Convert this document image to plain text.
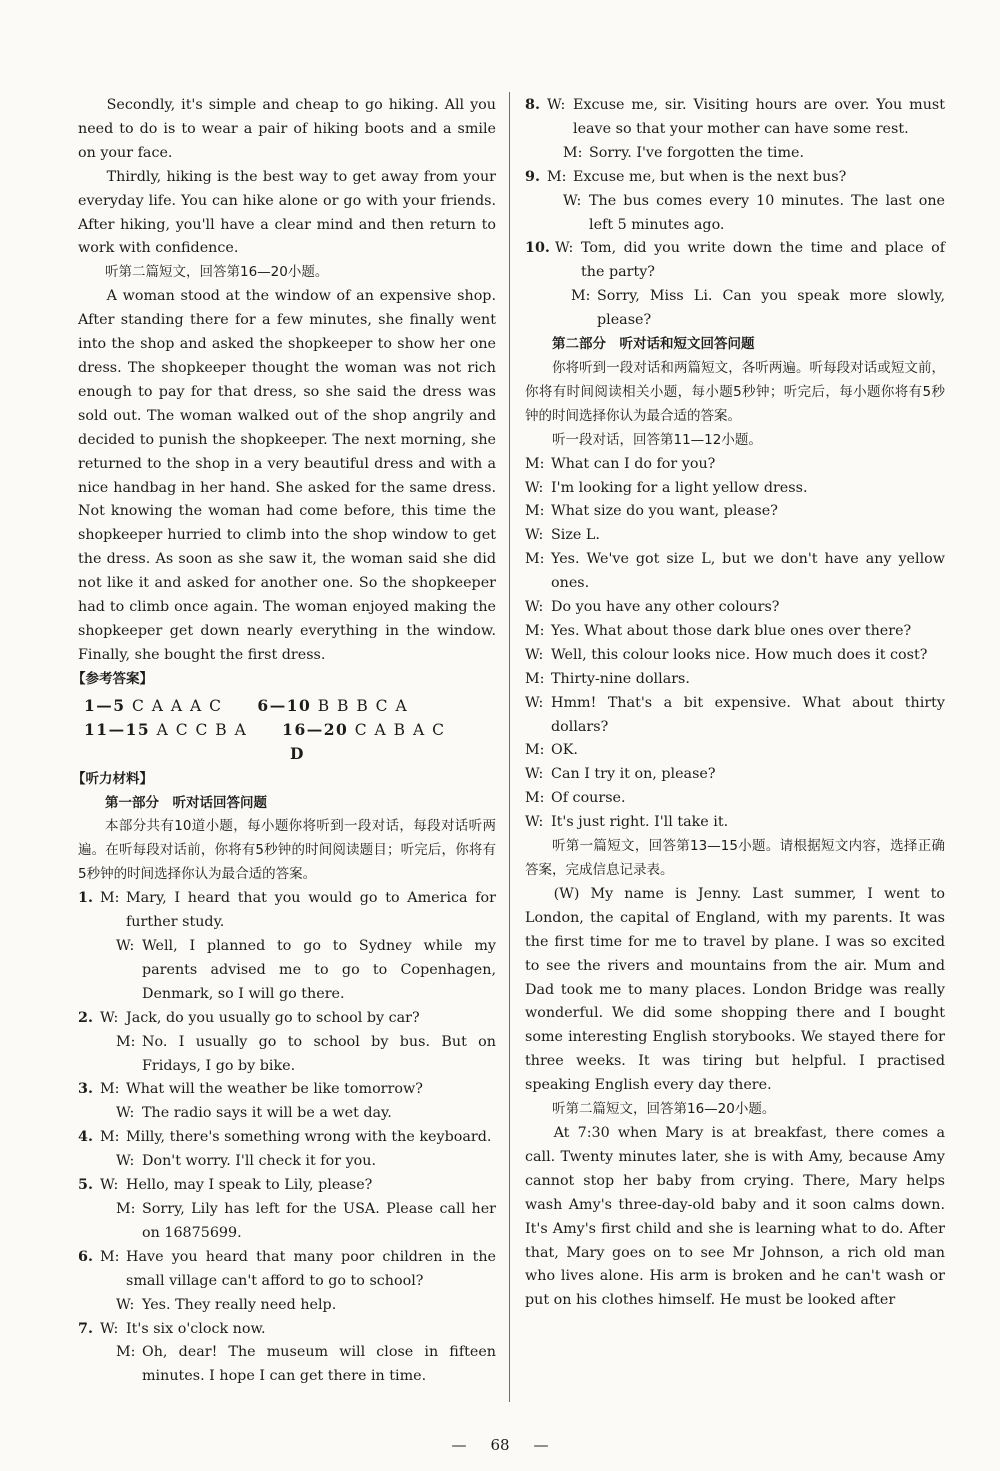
Secondly, it's simple and cheap to go hiking. All you need to do is to wear a pair of hiking boots and a smile on your face.

Thirdly, hiking is the best way to get away from your everyday life. You can hike alone or go with your friends. After hiking, you'll have a clear mind and then return to work with confidence.

听第二篇短文，回答第16—20小题。

A woman stood at the window of an expensive shop. After standing there for a few minutes, she finally went into the shop and asked the shopkeeper to show her one dress. The shopkeeper thought the woman was not rich enough to pay for that dress, so she said the dress was sold out. The woman walked out of the shop angrily and decided to punish the shopkeeper. The next morning, she returned to the shop in a very beautiful dress and with a nice handbag in her hand. She asked for the same dress. Not knowing the woman had come before, this time the shopkeeper hurried to climb into the shop window to get the dress. As soon as she saw it, the woman said she did not like it and asked for another one. So the shopkeeper had to climb once again. The woman enjoyed making the shopkeeper get down nearly everything in the window. Finally, she bought the first dress.

【参考答案】

1—5 C A A A C 6—10 B B B C A
11—15 A C C B A 16—20 C A B A C
D

【听力材料】

第一部分　听对话回答问题

本部分共有10道小题，每小题你将听到一段对话，每段对话听两遍。在听每段对话前，你将有5秒钟的时间阅读题目；听完后，你将有5秒钟的时间选择你认为最合适的答案。

1. M: Mary, I heard that you would go to America for further study.
W: Well, I planned to go to Sydney while my parents advised me to go to Copenhagen, Denmark, so I will go there.
2. W: Jack, do you usually go to school by car?
M: No. I usually go to school by bus. But on Fridays, I go by bike.
3. M: What will the weather be like tomorrow?
W: The radio says it will be a wet day.
4. M: Milly, there's something wrong with the keyboard.
W: Don't worry. I'll check it for you.
5. W: Hello, may I speak to Lily, please?
M: Sorry, Lily has left for the USA. Please call her on 16875699.
6. M: Have you heard that many poor children in the small village can't afford to go to school?
W: Yes. They really need help.
7. W: It's six o'clock now.
M: Oh, dear! The museum will close in fifteen minutes. I hope I can get there in time.
8. W: Excuse me, sir. Visiting hours are over. You must leave so that your mother can have some rest.
M: Sorry. I've forgotten the time.
9. M: Excuse me, but when is the next bus?
W: The bus comes every 10 minutes. The last one left 5 minutes ago.
10. W: Tom, did you write down the time and place of the party?
M: Sorry, Miss Li. Can you speak more slowly, please?

第二部分　听对话和短文回答问题

你将听到一段对话和两篇短文，各听两遍。听每段对话或短文前，你将有时间阅读相关小题，每小题5秒钟；听完后，每小题你将有5秒钟的时间选择你认为最合适的答案。

听一段对话，回答第11—12小题。

M: What can I do for you?
W: I'm looking for a light yellow dress.
M: What size do you want, please?
W: Size L.
M: Yes. We've got size L, but we don't have any yellow ones.
W: Do you have any other colours?
M: Yes. What about those dark blue ones over there?
W: Well, this colour looks nice. How much does it cost?
M: Thirty-nine dollars.
W: Hmm! That's a bit expensive. What about thirty dollars?
M: OK.
W: Can I try it on, please?
M: Of course.
W: It's just right. I'll take it.

听第一篇短文，回答第13—15小题。请根据短文内容，选择正确答案，完成信息记录表。

(W) My name is Jenny. Last summer, I went to London, the capital of England, with my parents. It was the first time for me to travel by plane. I was so excited to see the rivers and mountains from the air. Mum and Dad took me to many places. London Bridge was really wonderful. We did some shopping there and I bought some interesting English storybooks. We stayed there for three weeks. It was tiring but helpful. I practised speaking English every day there.

听第二篇短文，回答第16—20小题。

At 7:30 when Mary is at breakfast, there comes a call. Twenty minutes later, she is with Amy, because Amy cannot stop her baby from crying. There, Mary helps wash Amy's three-day-old baby and it soon calms down. It's Amy's first child and she is learning what to do. After that, Mary goes on to see Mr Johnson, a rich old man who lives alone. His arm is broken and he can't wash or put on his clothes himself. He must be looked after

— 68 —
